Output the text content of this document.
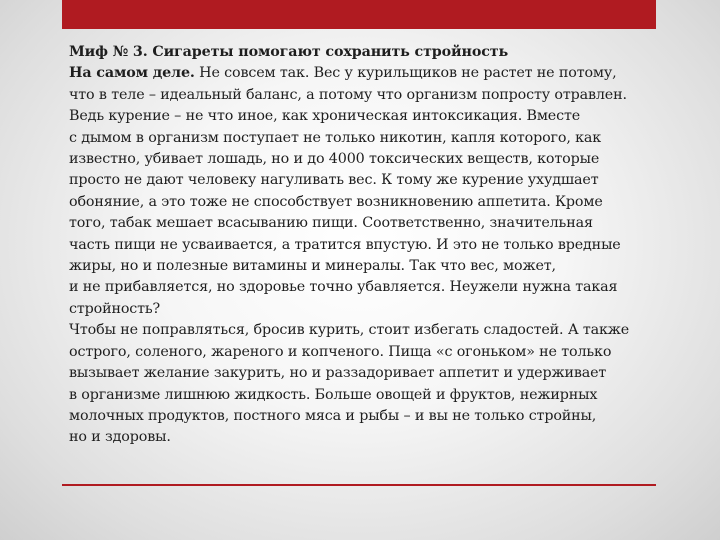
Миф № 3. Сигареты помогают сохранить стройность
На самом деле. Не совсем так. Вес у курильщиков не растет не потому,
что в теле – идеальный баланс, а потому что организм попросту отравлен.
Ведь курение – не что иное, как хроническая интоксикация. Вместе
с дымом в организм поступает не только никотин, капля которого, как
известно, убивает лошадь, но и до 4000 токсических веществ, которые
просто не дают человеку нагуливать вес. К тому же курение ухудшает
обоняние, а это тоже не способствует возникновению аппетита. Кроме
того, табак мешает всасыванию пищи. Соответственно, значительная
часть пищи не усваивается, а тратится впустую. И это не только вредные
жиры, но и полезные витамины и минералы. Так что вес, может,
и не прибавляется, но здоровье точно убавляется. Неужели нужна такая
стройность?
Чтобы не поправляться, бросив курить, стоит избегать сладостей. А также
острого, соленого, жареного и копченого. Пища «с огоньком» не только
вызывает желание закурить, но и раззадоривает аппетит и удерживает
в организме лишнюю жидкость. Больше овощей и фруктов, нежирных
молочных продуктов, постного мяса и рыбы – и вы не только стройны,
но и здоровы.
